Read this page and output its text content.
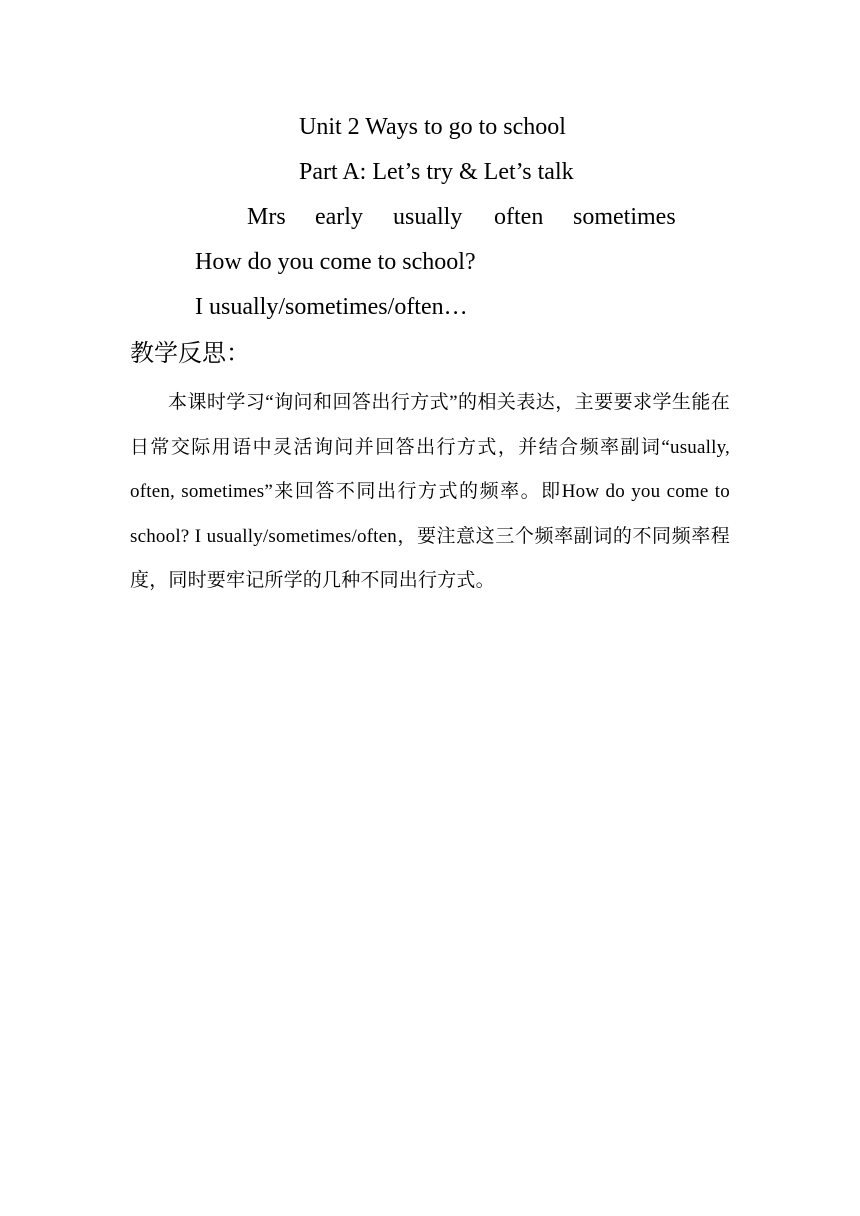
Unit 2 Ways to go to school
Part A: Let’s try & Let’s talk
Mrs early usually often sometimes
How do you come to school?
I usually/sometimes/often…
教学反思：

本课时学习“询问和回答出行方式”的相关表达，主要要求学生能在日常交际用语中灵活询问并回答出行方式，并结合频率副词“usually, often, sometimes”来回答不同出行方式的频率。即How do you come to school? I usually/sometimes/often，要注意这三个频率副词的不同频率程度，同时要牢记所学的几种不同出行方式。
